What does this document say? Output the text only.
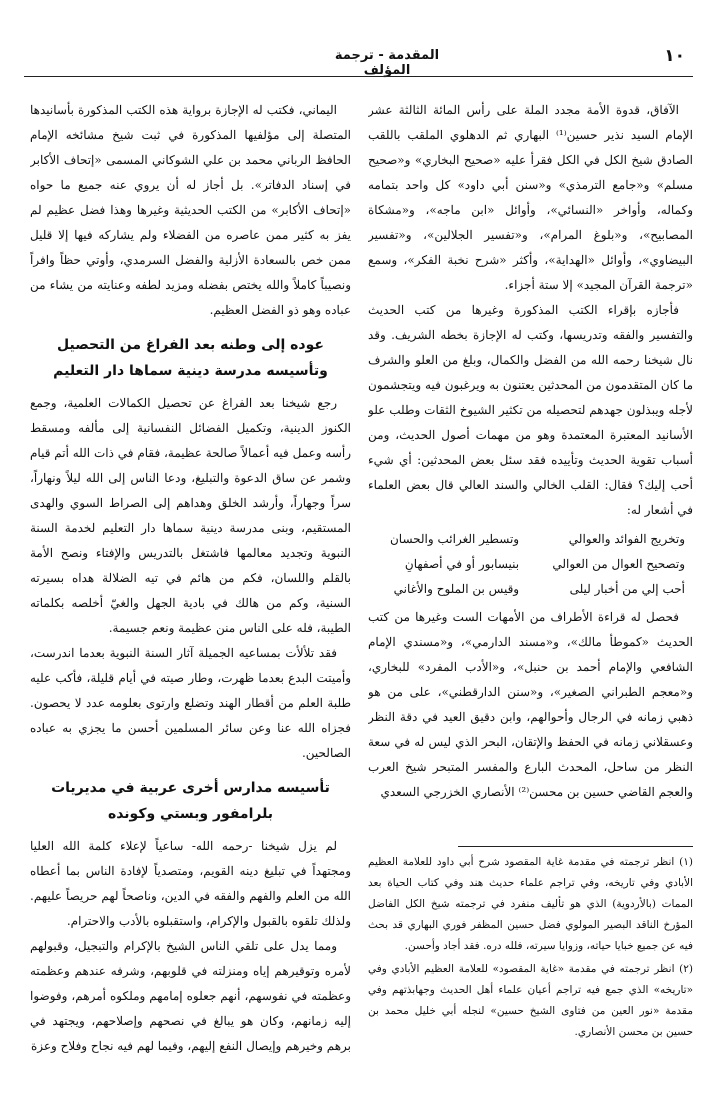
١٠
المقدمة - ترجمة المؤلف

الآفاق، قدوة الأمة مجدد الملة على رأس المائة الثالثة عشر الإمام السيد نذير حسين⁽¹⁾ البهاري ثم الدهلوي الملقب باللقب الصادق شيخ الكل في الكل فقرأ عليه «صحيح البخاري» و«صحيح مسلم» و«جامع الترمذي» و«سنن أبي داود» كل واحد بتمامه وكماله، وأواخر «النسائي»، وأوائل «ابن ماجه»، و«مشكاة المصابيح»، و«بلوغ المرام»، و«تفسير الجلالين»، و«تفسير البيضاوي»، وأوائل «الهداية»، وأكثر «شرح نخبة الفكر»، وسمع «ترجمة القرآن المجيد» إلا ستة أجزاء.

فأجازه بإقراء الكتب المذكورة وغيرها من كتب الحديث والتفسير والفقه وتدريسها، وكتب له الإجازة بخطه الشريف. وقد نال شيخنا رحمه الله من الفضل والكمال، وبلغ من العلو والشرف ما كان المتقدمون من المحدثين يعتنون به ويرغبون فيه ويتجشمون لأجله ويبذلون جهدهم لتحصيله من تكثير الشيوخ الثقات وطلب علو الأسانيد المعتبرة المعتمدة وهو من مهمات أصول الحديث، ومن أسباب تقوية الحديث وتأييده فقد سئل بعض المحدثين: أي شيء أحب إليك؟ فقال: القلب الخالي والسند العالي قال بعض العلماء في أشعار له:

وتخريج الفوائد والعوالي
وتسطير الغرائب والحسان
وتصحيح العوال من العوالي
بنيسابور أو في أصفهانِ
أحب إلي من أخبار ليلى
وقيس بن الملوح والأغاني

فحصل له قراءة الأطراف من الأمهات الست وغيرها من كتب الحديث «كموطأ مالك»، و«مسند الدارمي»، و«مسندي الإمام الشافعي والإمام أحمد بن حنبل»، و«الأدب المفرد» للبخاري، و«معجم الطبراني الصغير»، و«سنن الدارقطني»، على من هو ذهبي زمانه في الرجال وأحوالهم، وابن دقيق العيد في دقة النظر وعسقلاني زمانه في الحفظ والإتقان، البحر الذي ليس له في سعة النظر من ساحل، المحدث البارع والمفسر المتبحر شيخ العرب والعجم القاضي حسين بن محسن⁽²⁾ الأنصاري الخزرجي السعدي

اليماني، فكتب له الإجازة برواية هذه الكتب المذكورة بأسانيدها المتصلة إلى مؤلفيها المذكورة في ثبت شيخ مشائخه الإمام الحافظ الرباني محمد بن علي الشوكاني المسمى «إتحاف الأكابر في إسناد الدفاتر». بل أجاز له أن يروي عنه جميع ما حواه «إتحاف الأكابر» من الكتب الحديثية وغيرها وهذا فضل عظيم لم يفز به كثير ممن عاصره من الفضلاء ولم يشاركه فيها إلا قليل ممن خص بالسعادة الأزلية والفضل السرمدي، وأوتي حظاً وافراً ونصيباً كاملاً والله يختص بفضله ومزيد لطفه وعنايته من يشاء من عباده وهو ذو الفضل العظيم.

عوده إلى وطنه بعد الفراغ من التحصيل وتأسيسه مدرسة دينية سماها دار التعليم

رجع شيخنا بعد الفراغ عن تحصيل الكمالات العلمية، وجمع الكنوز الدينية، وتكميل الفضائل النفسانية إلى مألفه ومسقط رأسه وعمل فيه أعمالاً صالحة عظيمة، فقام في ذات الله أتم قيام وشمر عن ساق الدعوة والتبليغ، ودعا الناس إلى الله ليلاً ونهاراً، سراً وجهاراً، وأرشد الخلق وهداهم إلى الصراط السوي والهدى المستقيم، وبنى مدرسة دينية سماها دار التعليم لخدمة السنة النبوية وتجديد معالمها فاشتغل بالتدريس والإفتاء ونصح الأمة بالقلم واللسان، فكم من هائم في تيه الضلالة هداه بسيرته السنية، وكم من هالك في بادية الجهل والغيّ أخلصه بكلماته الطيبة، فله على الناس منن عظيمة ونعم جسيمة.

فقد تلألأت بمساعيه الجميلة آثار السنة النبوية بعدما اندرست، وأميتت البدع بعدما ظهرت، وطار صيته في أيام قليلة، فأكب عليه طلبة العلم من أقطار الهند وتضلع وارتوى بعلومه عدد لا يحصون. فجزاه الله عنا وعن سائر المسلمين أحسن ما يجزي به عباده الصالحين.

تأسيسه مدارس أخرى عربية في مديريات بلرامفور وبستي وكونده

لم يزل شيخنا -رحمه الله- ساعياً لإعلاء كلمة الله العليا ومجتهداً في تبليغ دينه القويم، ومتصدياً لإفادة الناس بما أعطاه الله من العلم والفهم والفقه في الدين، وناصحاً لهم حريصاً عليهم. ولذلك تلقوه بالقبول والإكرام، واستقبلوه بالأدب والاحترام.

ومما يدل على تلقي الناس الشيخ بالإكرام والتبجيل، وقبولهم لأمره وتوقيرهم إياه ومنزلته في قلوبهم، وشرفه عندهم وعظمته وعظمته في نفوسهم، أنهم جعلوه إمامهم وملكوه أمرهم، وفوضوا إليه زمانهم، وكان هو يبالغ في نصحهم وإصلاحهم، ويجتهد في برهم وخيرهم وإيصال النفع إليهم، وفيما لهم فيه نجاح وفلاح وعزة

(١) انظر ترجمته في مقدمة غاية المقصود شرح أبي داود للعلامة العظيم الأبادي وفي تاريخه، وفي تراجم علماء حديث هند وفي كتاب الحياة بعد الممات (بالأردوية) الذي هو تأليف منفرد في ترجمته شيخ الكل الفاضل المؤرخ الناقد البصير المولوي فضل حسين المظفر فوري البهاري قد بحث فيه عن جميع خبايا حياته، وزوايا سيرته، فلله دره. فقد أجاد وأحسن.

(٢) انظر ترجمته في مقدمة «غاية المقصود» للعلامة العظيم الأبادي وفي «تاريخه» الذي جمع فيه تراجم أعيان علماء أهل الحديث وجهابذتهم وفي مقدمة «نور العين من فتاوى الشيخ حسين» لنجله أبي خليل محمد بن حسين بن محسن الأنصاري.
